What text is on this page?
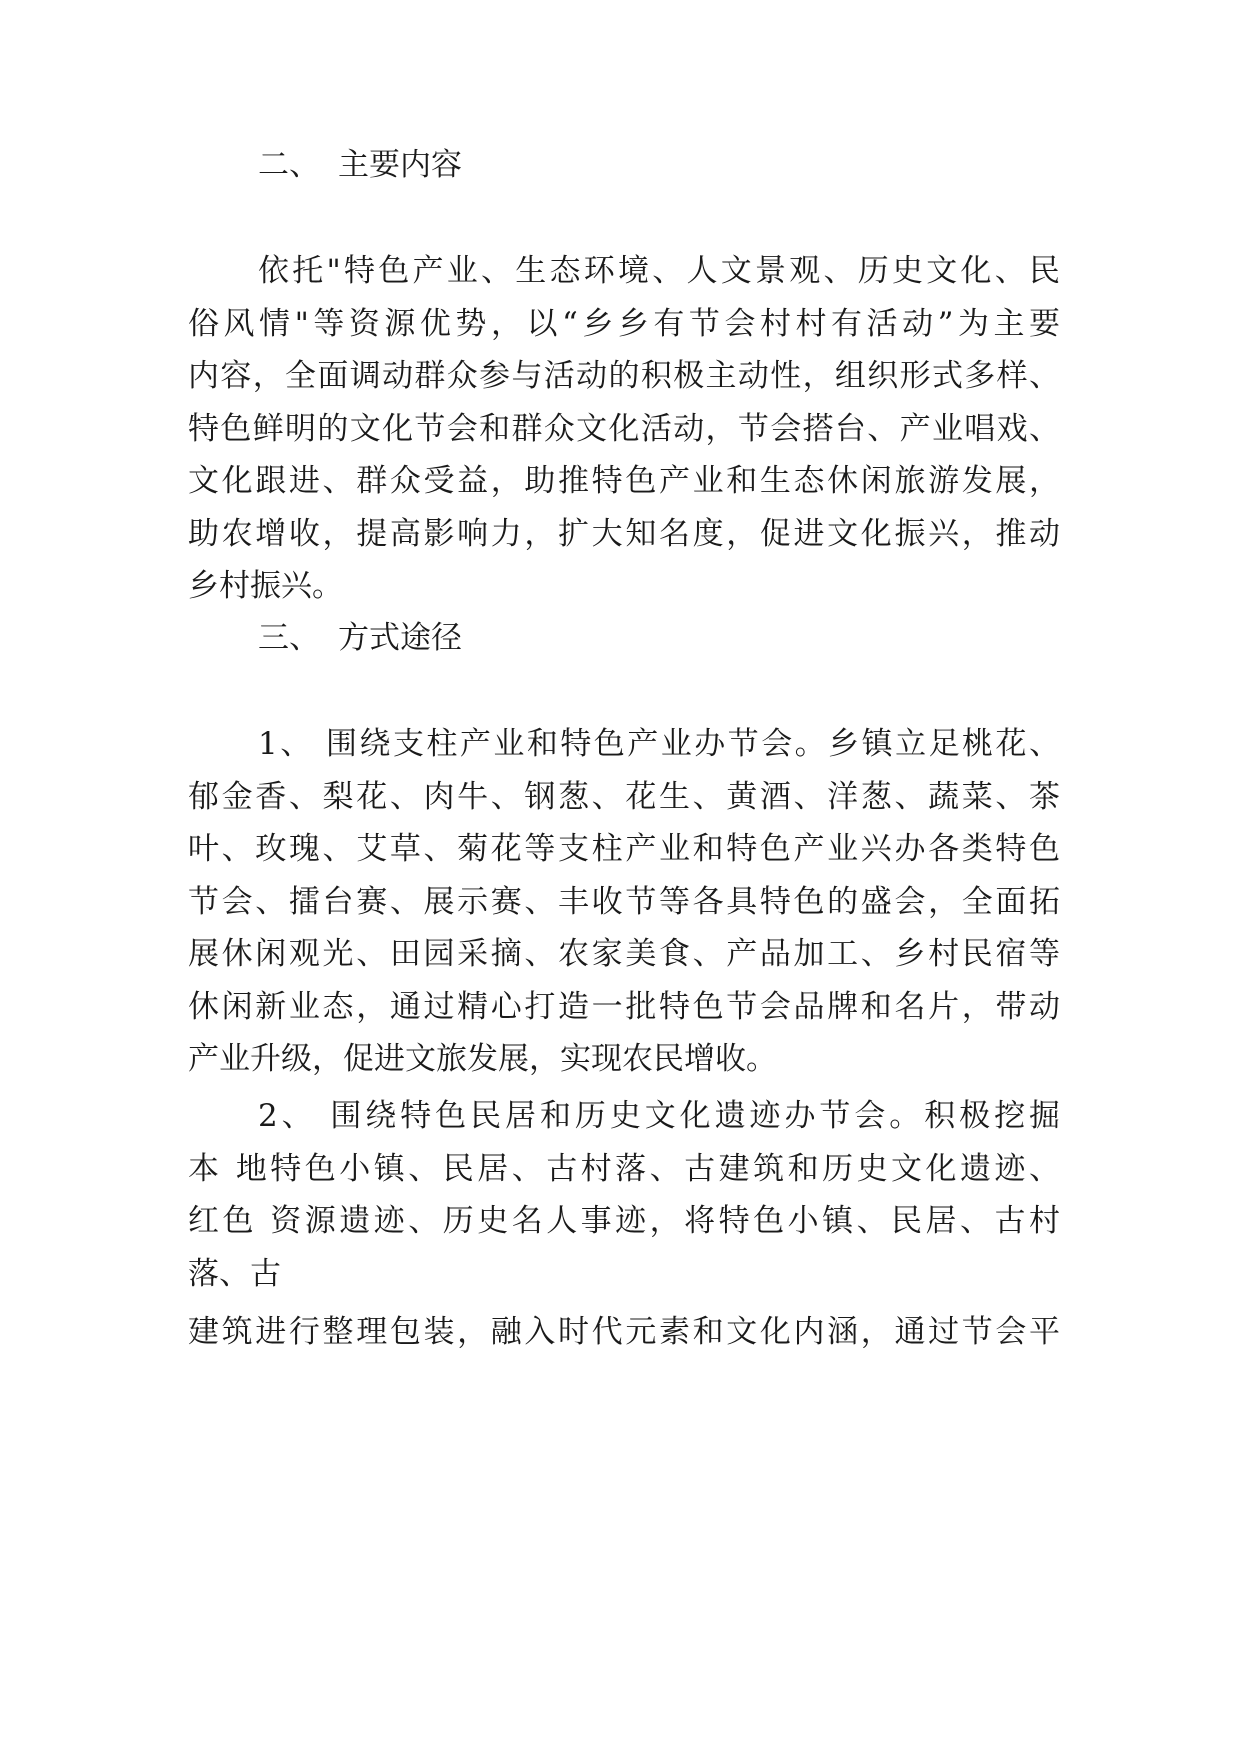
二、 主要内容
依托"特色产业、生态环境、人文景观、历史文化、民
俗风情"等资源优势，以“乡乡有节会村村有活动”为主要
内容，全面调动群众参与活动的积极主动性，组织形式多样、
特色鲜明的文化节会和群众文化活动，节会搭台、产业唱戏、
文化跟进、群众受益，助推特色产业和生态休闲旅游发展，
助农增收，提高影响力，扩大知名度，促进文化振兴，推动
乡村振兴。
三、 方式途径
1、 围绕支柱产业和特色产业办节会。乡镇立足桃花、
郁金香、梨花、肉牛、钢葱、花生、黄酒、洋葱、蔬菜、茶
叶、玫瑰、艾草、菊花等支柱产业和特色产业兴办各类特色
节会、擂台赛、展示赛、丰收节等各具特色的盛会，全面拓
展休闲观光、田园采摘、农家美食、产品加工、乡村民宿等
休闲新业态，通过精心打造一批特色节会品牌和名片，带动
产业升级，促进文旅发展，实现农民增收。
2、 围绕特色民居和历史文化遗迹办节会。积极挖掘
本 地特色小镇、民居、古村落、古建筑和历史文化遗迹、
红色 资源遗迹、历史名人事迹，将特色小镇、民居、古村
落、古
建筑进行整理包装，融入时代元素和文化内涵，通过节会平
